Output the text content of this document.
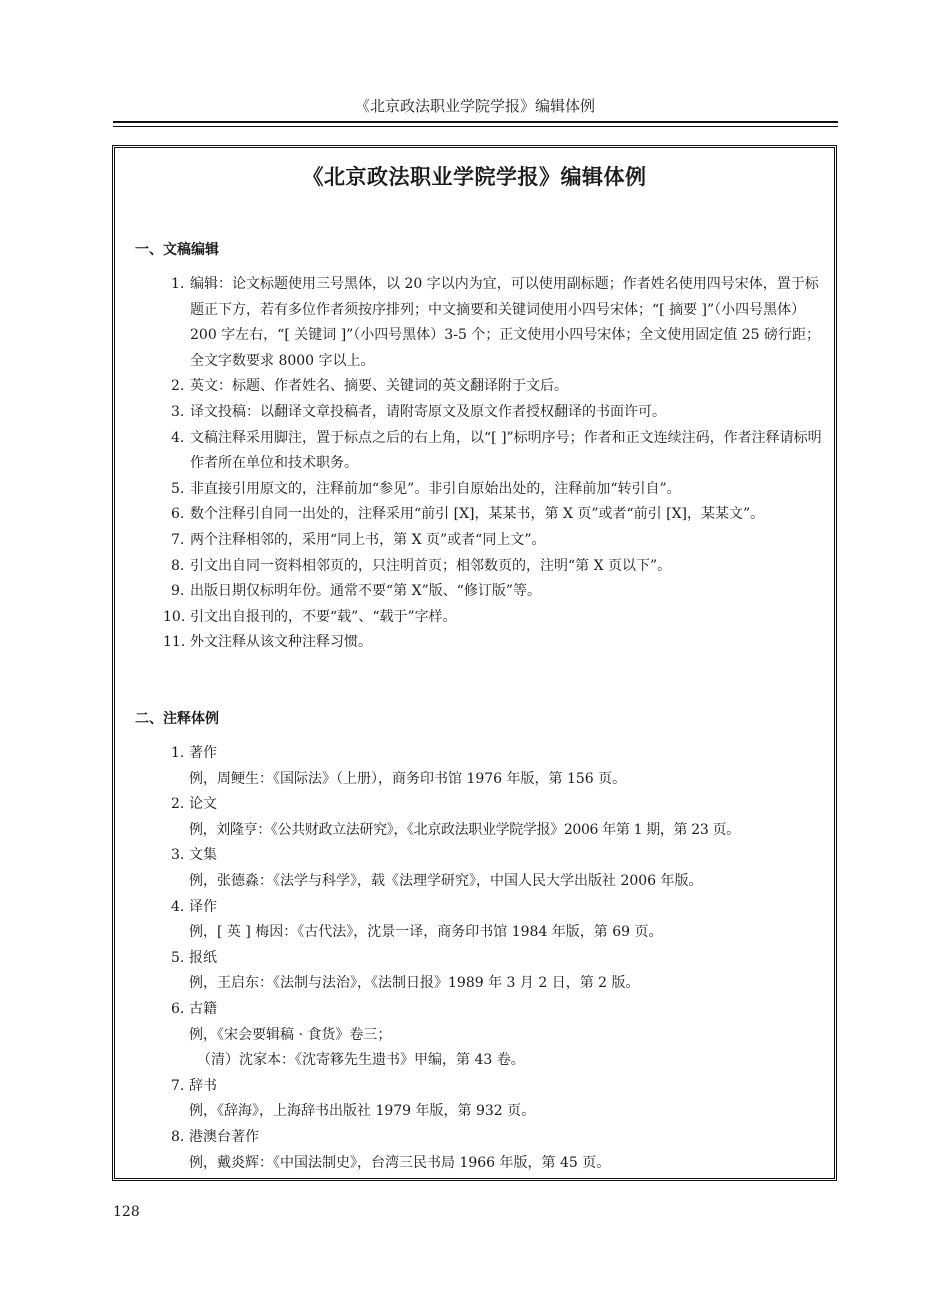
《北京政法职业学院学报》编辑体例
《北京政法职业学院学报》编辑体例
一、文稿编辑

1. 编辑：论文标题使用三号黑体，以 20 字以内为宜，可以使用副标题；作者姓名使用四号宋体，置于标题正下方，若有多位作者须按序排列；中文摘要和关键词使用小四号宋体；“[ 摘要 ]”（小四号黑体）200 字左右，“[ 关键词 ]”（小四号黑体）3-5 个；正文使用小四号宋体；全文使用固定值 25 磅行距；全文字数要求 8000 字以上。

2. 英文：标题、作者姓名、摘要、关键词的英文翻译附于文后。

3. 译文投稿：以翻译文章投稿者，请附寄原文及原文作者授权翻译的书面许可。

4. 文稿注释采用脚注，置于标点之后的右上角，以“[ ]”标明序号；作者和正文连续注码，作者注释请标明作者所在单位和技术职务。

5. 非直接引用原文的，注释前加“参见”。非引自原始出处的，注释前加“转引自”。

6. 数个注释引自同一出处的，注释采用“前引 [X]，某某书，第 X 页”或者“前引 [X]，某某文”。

7. 两个注释相邻的，采用“同上书，第 X 页”或者“同上文”。

8. 引文出自同一资料相邻页的，只注明首页；相邻数页的，注明“第 X 页以下”。

9. 出版日期仅标明年份。通常不要“第 X”版、“修订版”等。

10. 引文出自报刊的，不要“载”、“载于”字样。

11. 外文注释从该文种注释习惯。

二、注释体例
1. 著作
例，周鲠生：《国际法》（上册），商务印书馆 1976 年版，第 156 页。
2. 论文
例，刘隆亨：《公共财政立法研究》，《北京政法职业学院学报》2006 年第 1 期，第 23 页。
3. 文集
例，张德淼：《法学与科学》，载《法理学研究》，中国人民大学出版社 2006 年版。
4. 译作
例，[ 英 ] 梅因：《古代法》，沈景一译，商务印书馆 1984 年版，第 69 页。
5. 报纸
例，王启东：《法制与法治》，《法制日报》1989 年 3 月 2 日，第 2 版。
6. 古籍
例，《宋会要辑稿 · 食货》卷三；
（清）沈家本：《沈寄簃先生遗书》甲编，第 43 卷。
7. 辞书
例，《辞海》，上海辞书出版社 1979 年版，第 932 页。
8. 港澳台著作
例，戴炎辉：《中国法制史》，台湾三民书局 1966 年版，第 45 页。
128
